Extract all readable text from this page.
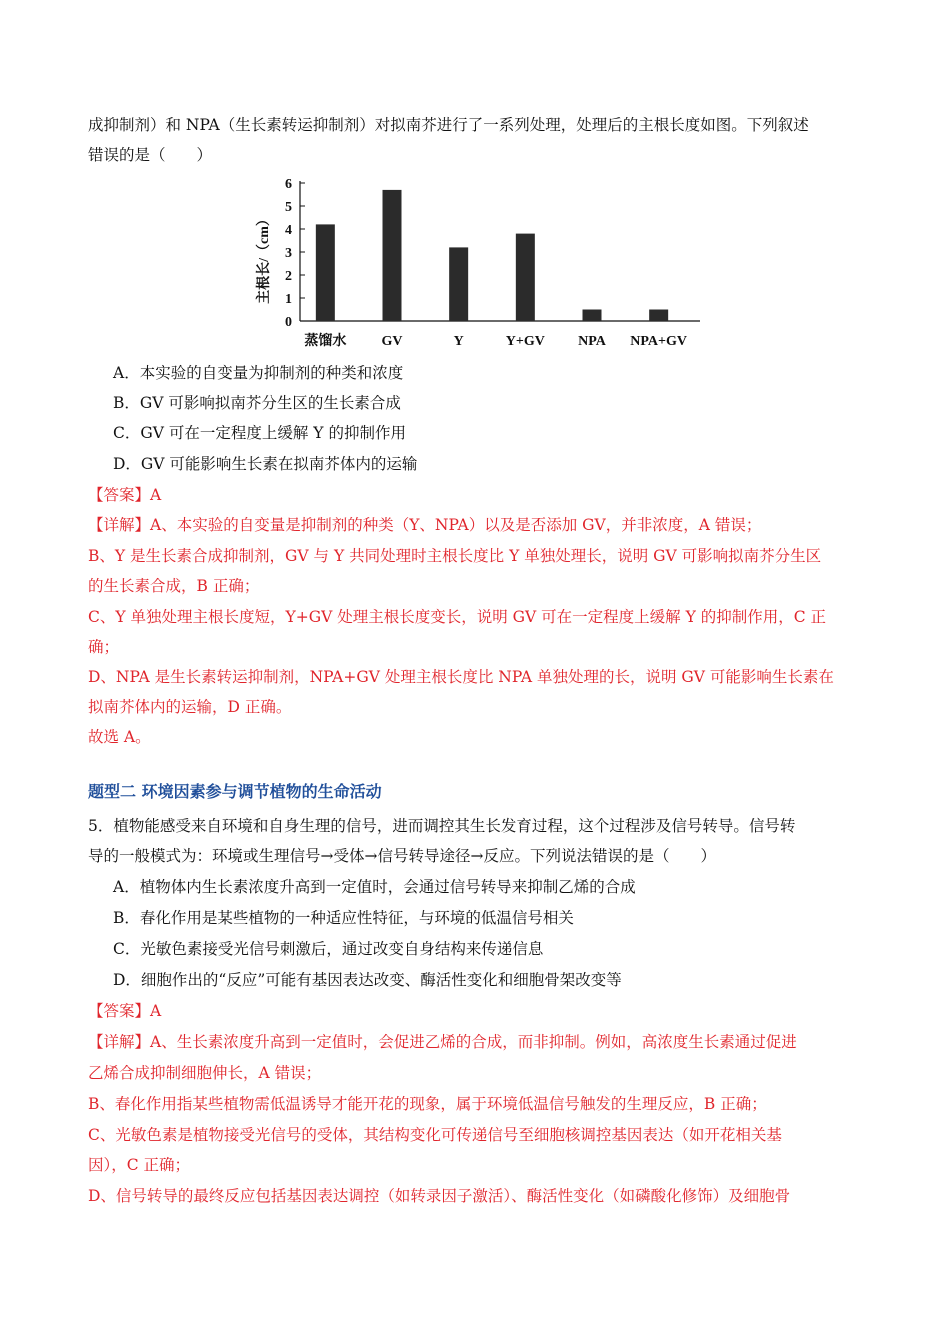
成抑制剂）和 NPA（生长素转运抑制剂）对拟南芥进行了一系列处理，处理后的主根长度如图。下列叙述
错误的是（　　）
主根长/（cm）
0
1
2
3
4
5
6
蒸馏水	GV	Y	Y+GV NPA NPA+GV
A．本实验的自变量为抑制剂的种类和浓度
B．GV 可影响拟南芥分生区的生长素合成
C．GV 可在一定程度上缓解 Y 的抑制作用
D．GV 可能影响生长素在拟南芥体内的运输
【答案】A
【详解】A、本实验的自变量是抑制剂的种类（Y、NPA）以及是否添加 GV，并非浓度，A 错误；
B、Y 是生长素合成抑制剂，GV 与 Y 共同处理时主根长度比 Y 单独处理长，说明 GV 可影响拟南芥分生区
的生长素合成，B 正确；
C、Y 单独处理主根长度短，Y+GV 处理主根长度变长，说明 GV 可在一定程度上缓解 Y 的抑制作用，C 正
确；
D、NPA 是生长素转运抑制剂，NPA+GV 处理主根长度比 NPA 单独处理的长，说明 GV 可能影响生长素在
拟南芥体内的运输，D 正确。
故选 A。
题型二 环境因素参与调节植物的生命活动
5．植物能感受来自环境和自身生理的信号，进而调控其生长发育过程，这个过程涉及信号转导。信号转
导的一般模式为：环境或生理信号→受体→信号转导途径→反应。下列说法错误的是（　　）
A．植物体内生长素浓度升高到一定值时，会通过信号转导来抑制乙烯的合成
B．春化作用是某些植物的一种适应性特征，与环境的低温信号相关
C．光敏色素接受光信号刺激后，通过改变自身结构来传递信息
D．细胞作出的“反应”可能有基因表达改变、酶活性变化和细胞骨架改变等
【答案】A
【详解】A、生长素浓度升高到一定值时，会促进乙烯的合成，而非抑制。例如，高浓度生长素通过促进
乙烯合成抑制细胞伸长，A 错误；
B、春化作用指某些植物需低温诱导才能开花的现象，属于环境低温信号触发的生理反应，B 正确；
C、光敏色素是植物接受光信号的受体，其结构变化可传递信号至细胞核调控基因表达（如开花相关基
因），C 正确；
D、信号转导的最终反应包括基因表达调控（如转录因子激活）、酶活性变化（如磷酸化修饰）及细胞骨
